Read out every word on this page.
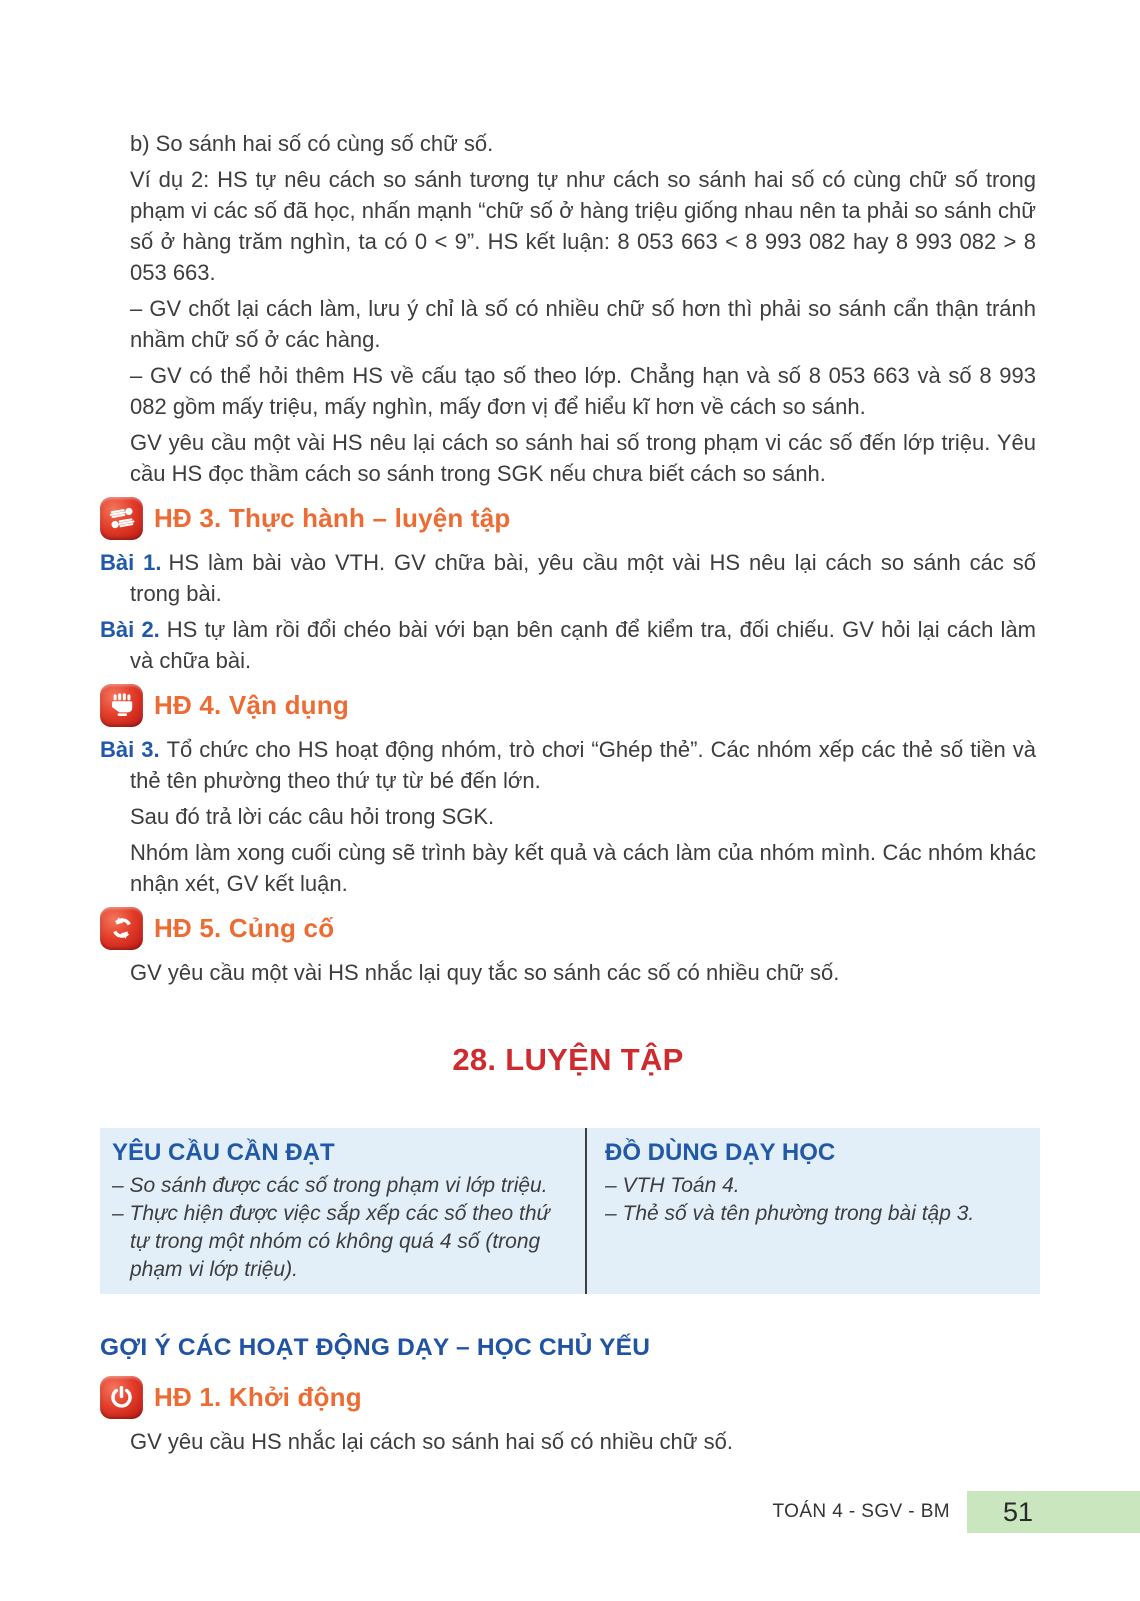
b) So sánh hai số có cùng số chữ số.

Ví dụ 2: HS tự nêu cách so sánh tương tự như cách so sánh hai số có cùng chữ số trong phạm vi các số đã học, nhấn mạnh “chữ số ở hàng triệu giống nhau nên ta phải so sánh chữ số ở hàng trăm nghìn, ta có 0 < 9”. HS kết luận: 8 053 663 < 8 993 082 hay 8 993 082 > 8 053 663.

– GV chốt lại cách làm, lưu ý chỉ là số có nhiều chữ số hơn thì phải so sánh cẩn thận tránh nhầm chữ số ở các hàng.

– GV có thể hỏi thêm HS về cấu tạo số theo lớp. Chẳng hạn và số 8 053 663 và số 8 993 082 gồm mấy triệu, mấy nghìn, mấy đơn vị để hiểu kĩ hơn về cách so sánh.

GV yêu cầu một vài HS nêu lại cách so sánh hai số trong phạm vi các số đến lớp triệu. Yêu cầu HS đọc thầm cách so sánh trong SGK nếu chưa biết cách so sánh.

HĐ 3. Thực hành – luyện tập

Bài 1. HS làm bài vào VTH. GV chữa bài, yêu cầu một vài HS nêu lại cách so sánh các số trong bài.

Bài 2. HS tự làm rồi đổi chéo bài với bạn bên cạnh để kiểm tra, đối chiếu. GV hỏi lại cách làm và chữa bài.

HĐ 4. Vận dụng

Bài 3. Tổ chức cho HS hoạt động nhóm, trò chơi “Ghép thẻ”. Các nhóm xếp các thẻ số tiền và thẻ tên phường theo thứ tự từ bé đến lớn.

Sau đó trả lời các câu hỏi trong SGK.

Nhóm làm xong cuối cùng sẽ trình bày kết quả và cách làm của nhóm mình. Các nhóm khác nhận xét, GV kết luận.

HĐ 5. Củng cố

GV yêu cầu một vài HS nhắc lại quy tắc so sánh các số có nhiều chữ số.

28. LUYỆN TẬP
YÊU CẦU CẦN ĐẠT

– So sánh được các số trong phạm vi lớp triệu.

– Thực hiện được việc sắp xếp các số theo thứ tự trong một nhóm có không quá 4 số (trong phạm vi lớp triệu).

ĐỒ DÙNG DẠY HỌC

– VTH Toán 4.

– Thẻ số và tên phường trong bài tập 3.

GỢI Ý CÁC HOẠT ĐỘNG DẠY – HỌC CHỦ YẾU
HĐ 1. Khởi động

GV yêu cầu HS nhắc lại cách so sánh hai số có nhiều chữ số.

TOÁN 4 - SGV - BM 51
